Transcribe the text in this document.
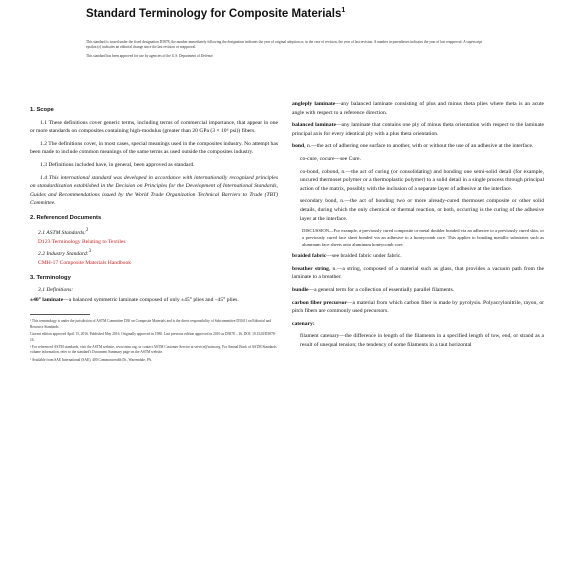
Standard Terminology for Composite Materials$^1$

This standard is issued under the fixed designation D3878; the number immediately following the designation indicates the year of original adoption or, in the case of revision, the year of last revision. A number in parentheses indicates the year of last reapproval. A superscript epsilon (ε) indicates an editorial change since the last revision or reapproval.

This standard has been approved for use by agencies of the U.S. Department of Defense.

1. Scope

1.1 These definitions cover generic terms, including terms of commercial importance, that appear in one or more standards on composites containing high-modulus (greater than 20 GPa (3 × 10⁶ psi)) fibers.

1.2 The definitions cover, in most cases, special meanings used in the composites industry. No attempt has been made to include common meanings of the same terms as used outside the composites industry.

1.3 Definitions included have, in general, been approved as standard.

1.4 This international standard was developed in accordance with internationally recognized principles on standardization established in the Decision on Principles for the Development of International Standards, Guides and Recommendations issued by the World Trade Organization Technical Barriers to Trade (TBT) Committee.

2. Referenced Documents

2.1 ASTM Standards:$^2$

D123 Terminology Relating to Textiles

2.2 Industry Standard:$^3$

CMH-17 Composite Materials Handbook

3. Terminology

3.1 Definitions:

±40° laminate—a balanced symmetric laminate composed of only ±45° plies and –45° plies.

¹ This terminology is under the jurisdiction of ASTM Committee D30 on Composite Materials and is the direct responsibility of Subcommittee D30.01 on Editorial and Resource Standards.

Current edition approved April 15, 2016. Published May 2016. Originally approved in 1980. Last previous edition approved in 2016 as D3878 – 16. DOI: 10.1520/D3878-16.

² For referenced ASTM standards, visit the ASTM website, www.astm.org, or contact ASTM Customer Service at service@astm.org. For Annual Book of ASTM Standards volume information, refer to the standard's Document Summary page on the ASTM website.

³ Available from SAE International (SAE), 400 Commonwealth Dr., Warrendale, PA.

angleply laminate—any balanced laminate consisting of plus and minus theta plies where theta is an acute angle with respect to a reference direction.

balanced laminate—any laminate that contains one ply of minus theta orientation with respect to the laminate principal axis for every identical ply with a plus theta orientation.

bond, n.—the act of adhering one surface to another, with or without the use of an adhesive at the interface.

co-cure, cocure—see Cure.

co-bond, cobond, n.—the act of curing (or consolidating) and bonding one semi-solid detail (for example, uncured thermoset polymer or a thermoplastic polymer) to a solid detail in a single process through principal action of the matrix, possibly with the inclusion of a separate layer of adhesive at the interface.

secondary bond, n.—the act of bonding two or more already-cured thermoset composite or other solid details, during which the only chemical or thermal reaction, or both, occurring is the curing of the adhesive layer at the interface.

DISCUSSION—For example, a previously cured composite or metal doubler bonded via an adhesive to a previously cured skin, or a previously cured face sheet bonded via an adhesive to a honeycomb core. This applies to bonding metallic substrates such as aluminum face sheets onto aluminum honeycomb core.

braided fabric—see braided fabric under fabric.

breather string, n.—a string, composed of a material such as glass, that provides a vacuum path from the laminate to a breather.

bundle—a general term for a collection of essentially parallel filaments.

carbon fiber precursor—a material from which carbon fiber is made by pyrolysis. Polyacrylonitrile, rayon, or pitch fibers are commonly used precursors.

catenary:

filament catenary—the difference in length of the filaments in a specified length of tow, end, or strand as a result of unequal tension; the tendency of some filaments in a taut horizontal
